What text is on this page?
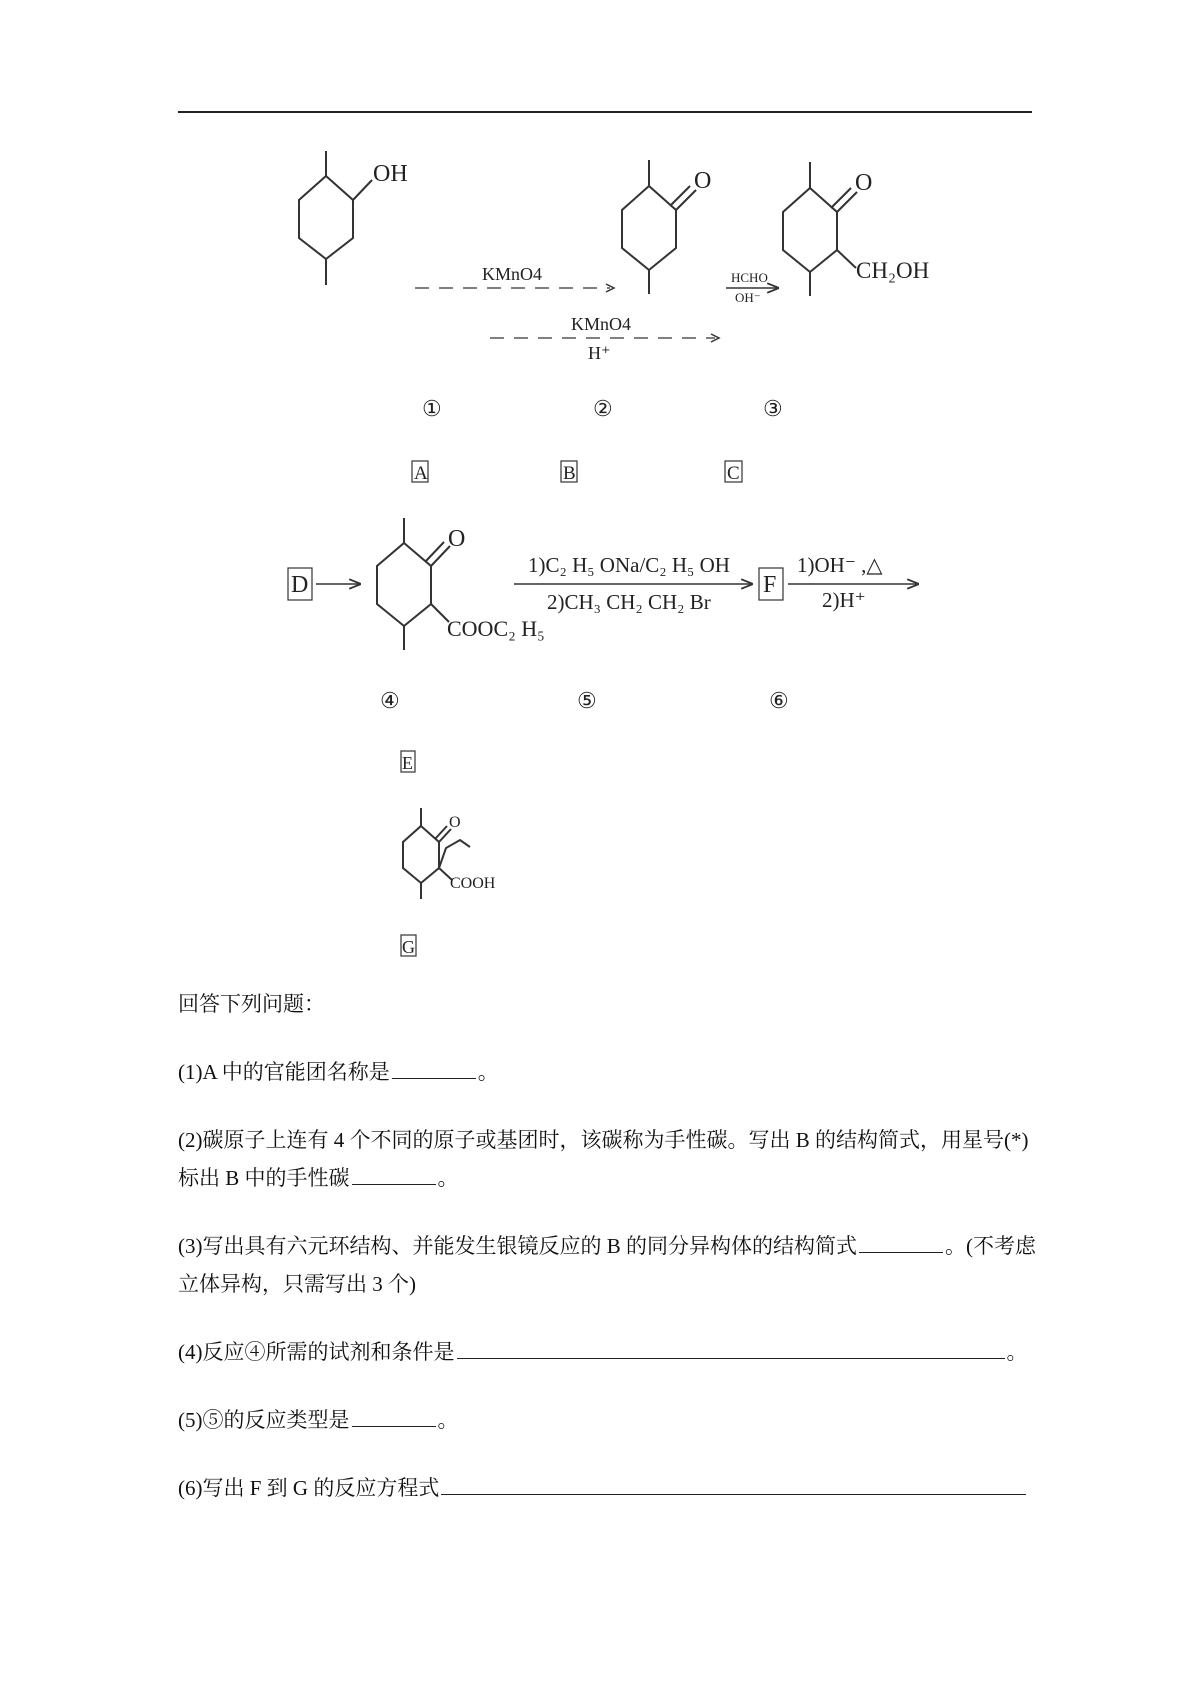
OH
KMnO4
O
KMnO4
H⁺
HCHO
OH⁻
O
CH₂OH
①	②	③
A	B	C
D
O
COOC₂ H₅
1)C₂ H₅ ONa/C₂ H₅ OH
2)CH₃ CH₂ CH₂ Br
F
1)OH⁻ ,△
2)H⁺
④	⑤	⑥
E
O
COOH
G

回答下列问题：

(1)A 中的官能团名称是	。

(2)碳原子上连有 4 个不同的原子或基团时，该碳称为手性碳。写出 B 的结构简式，用星号(*)标出 B 中的手性碳	。

(3)写出具有六元环结构、并能发生银镜反应的 B 的同分异构体的结构简式	。(不考虑立体异构，只需写出 3 个)

(4)反应④所需的试剂和条件是	。

(5)⑤的反应类型是	。

(6)写出 F 到 G 的反应方程式
